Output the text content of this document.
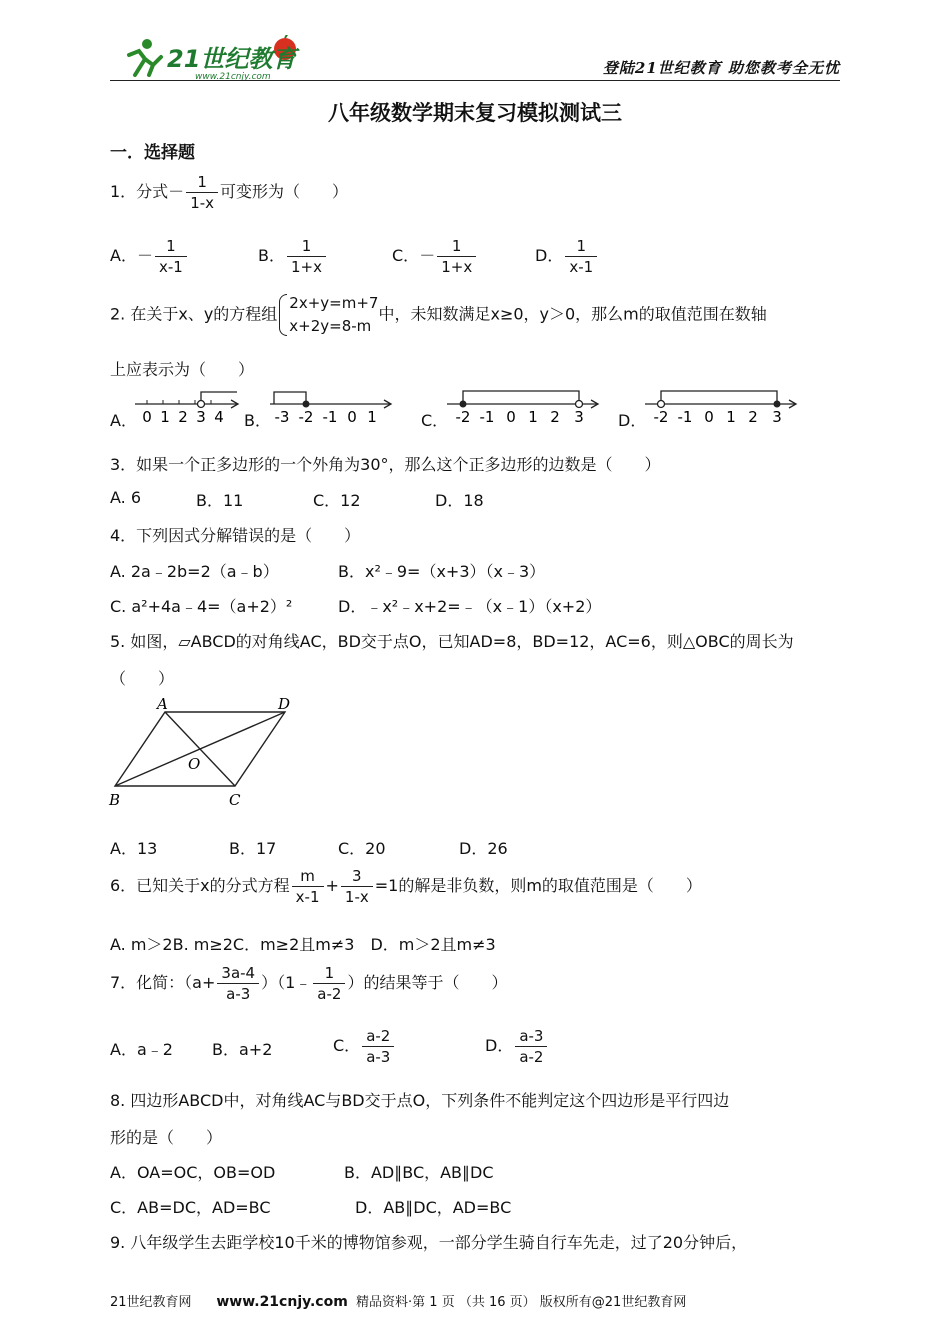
21世纪教育
www.21cnjy.com	登陆21世纪教育 助您教考全无忧
八年级数学期末复习模拟测试三
一．选择题
1．分式－ $\frac{1}{1-x}$ 可变形为（　　）
A．－ $\frac{1}{x-1}$	B． $\frac{1}{1+x}$	C．－ $\frac{1}{1+x}$	D． $\frac{1}{x-1}$
2. 在关于x、y的方程组
2x+y=m+7
x+2y=8-m
中，未知数满足x≥0，y＞0，那么m的取值范围在数轴
上应表示为（　　）
A． 0 1 2 3 4 B． -3 -2 -1 0 1	C． -2 -1 0 1 2 3 D． -2 -1 0 1 2 3
3．如果一个正多边形的一个外角为30°，那么这个正多边形的边数是（　　）
A. 6	B．11	C．12	D．18
4．下列因式分解错误的是（　　）
A. 2a﹣2b=2（a﹣b）	B．x²﹣9=（x+3）（x﹣3）
C. a²+4a﹣4=（a+2）²	D．﹣x²﹣x+2=﹣（x﹣1）（x+2）
5. 如图，▱ABCD的对角线AC，BD交于点O，已知AD=8，BD=12，AC=6，则△OBC的周长为
（　　）
A	D
O
B	C
A．13	B．17	C．20	D．26
6．已知关于x的分式方程 $\frac{m}{x-1} + \frac{3}{1-x} =1$的解是非负数，则m的取值范围是（　　）
A. m＞2B. m≥2C．m≥2且m≠3　D．m＞2且m≠3
7．化简：（$a+ \frac{3a-4}{a-3}$ ）（1﹣ $\frac{1}{a-2}$ ）的结果等于（　　）
A．a﹣2 B．a+2	C． $\frac{a-2}{a-3}$	D． $\frac{a-3}{a-2}$
8. 四边形ABCD中，对角线AC与BD交于点O，下列条件不能判定这个四边形是平行四边
形的是（　　）
A．OA=OC，OB=OD	B．AD∥BC，AB∥DC
C．AB=DC，AD=BC	D．AB∥DC，AD=BC
9. 八年级学生去距学校10千米的博物馆参观，一部分学生骑自行车先走，过了20分钟后，
21世纪教育网 www.21cnjy.com 精品资料·第 1 页 （共 16 页） 版权所有@21世纪教育网
